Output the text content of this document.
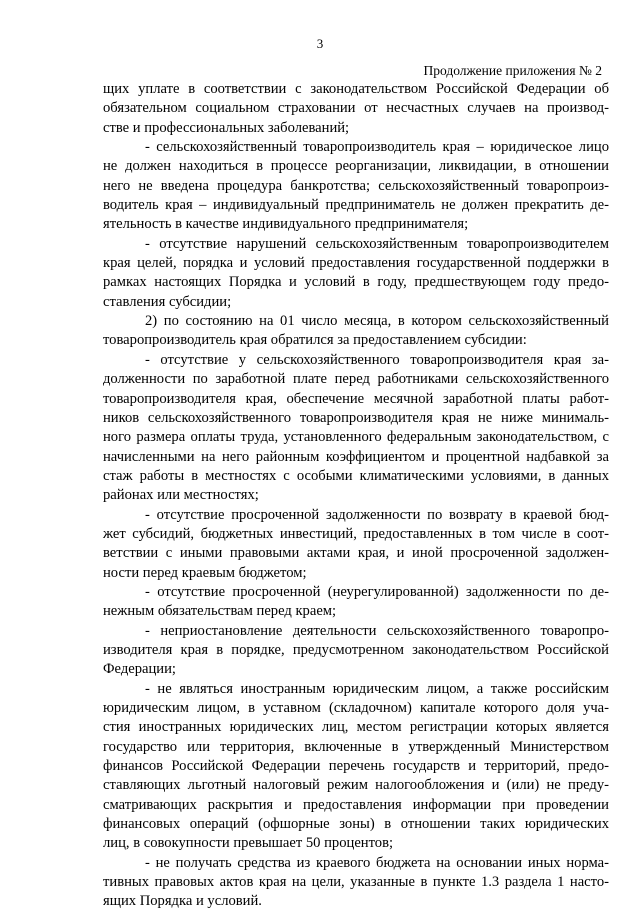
3
Продолжение приложения № 2
щих уплате в соответствии с законодательством Российской Федерации об
обязательном социальном страховании от несчастных случаев на производ-
стве и профессиональных заболеваний;
- сельскохозяйственный товаропроизводитель края – юридическое лицо
не должен находиться в процессе реорганизации, ликвидации, в отношении
него не введена процедура банкротства; сельскохозяйственный товаропроиз-
водитель края – индивидуальный предприниматель не должен прекратить де-
ятельность в качестве индивидуального предпринимателя;
- отсутствие нарушений сельскохозяйственным товаропроизводителем
края целей, порядка и условий предоставления государственной поддержки в
рамках настоящих Порядка и условий в году, предшествующем году предо-
ставления субсидии;
2) по состоянию на 01 число месяца, в котором сельскохозяйственный
товаропроизводитель края обратился за предоставлением субсидии:
- отсутствие у сельскохозяйственного товаропроизводителя края за-
долженности по заработной плате перед работниками сельскохозяйственного
товаропроизводителя края, обеспечение месячной заработной платы работ-
ников сельскохозяйственного товаропроизводителя края не ниже минималь-
ного размера оплаты труда, установленного федеральным законодательством, с
начисленными на него районным коэффициентом и процентной надбавкой за
стаж работы в местностях с особыми климатическими условиями, в данных
районах или местностях;
- отсутствие просроченной задолженности по возврату в краевой бюд-
жет субсидий, бюджетных инвестиций, предоставленных в том числе в соот-
ветствии с иными правовыми актами края, и иной просроченной задолжен-
ности перед краевым бюджетом;
- отсутствие просроченной (неурегулированной) задолженности по де-
нежным обязательствам перед краем;
- неприостановление деятельности сельскохозяйственного товаропро-
изводителя края в порядке, предусмотренном законодательством Российской
Федерации;
- не являться иностранным юридическим лицом, а также российским
юридическим лицом, в уставном (складочном) капитале которого доля уча-
стия иностранных юридических лиц, местом регистрации которых является
государство или территория, включенные в утвержденный Министерством
финансов Российской Федерации перечень государств и территорий, предо-
ставляющих льготный налоговый режим налогообложения и (или) не преду-
сматривающих раскрытия и предоставления информации при проведении
финансовых операций (офшорные зоны) в отношении таких юридических
лиц, в совокупности превышает 50 процентов;
- не получать средства из краевого бюджета на основании иных норма-
тивных правовых актов края на цели, указанные в пункте 1.3 раздела 1 насто-
ящих Порядка и условий.
